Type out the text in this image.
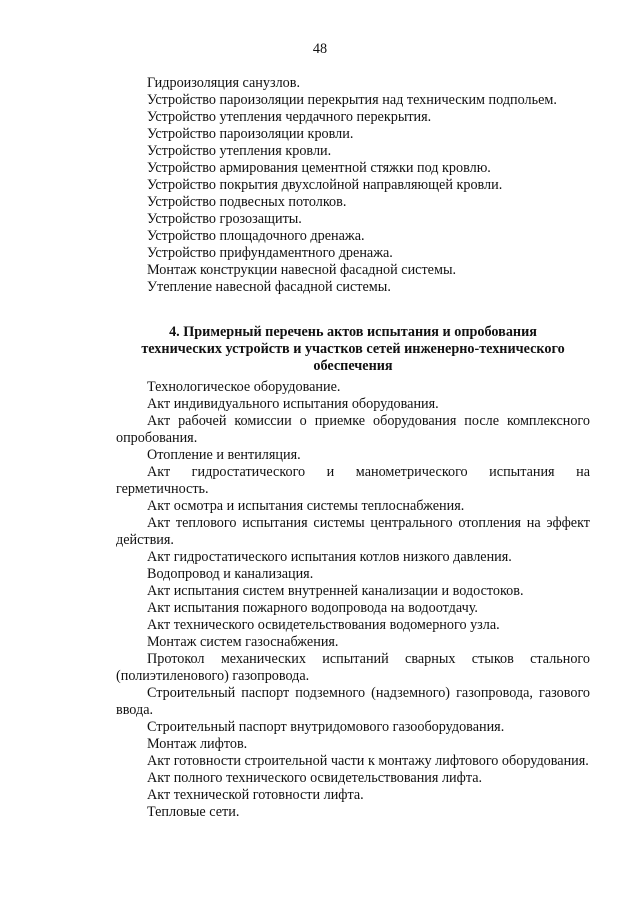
48

Гидроизоляция санузлов.

Устройство пароизоляции перекрытия над техническим подпольем.

Устройство утепления чердачного перекрытия.

Устройство пароизоляции кровли.

Устройство утепления кровли.

Устройство армирования цементной стяжки под кровлю.

Устройство покрытия двухслойной направляющей кровли.

Устройство подвесных потолков.

Устройство грозозащиты.

Устройство площадочного дренажа.

Устройство прифундаментного дренажа.

Монтаж конструкции навесной фасадной системы.

Утепление навесной фасадной системы.

4. Примерный перечень актов испытания и опробования
технических устройств и участков сетей инженерно-технического
обеспечения

Технологическое оборудование.

Акт индивидуального испытания оборудования.

Акт рабочей комиссии о приемке оборудования после комплексного опробования.

Отопление и вентиляция.

Акт гидростатического и манометрического испытания на герметичность.

Акт осмотра и испытания системы теплоснабжения.

Акт теплового испытания системы центрального отопления на эффект действия.

Акт гидростатического испытания котлов низкого давления.

Водопровод и канализация.

Акт испытания систем внутренней канализации и водостоков.

Акт испытания пожарного водопровода на водоотдачу.

Акт технического освидетельствования водомерного узла.

Монтаж систем газоснабжения.

Протокол механических испытаний сварных стыков стального (полиэтиленового) газопровода.

Строительный паспорт подземного (надземного) газопровода, газового ввода.

Строительный паспорт внутридомового газооборудования.

Монтаж лифтов.

Акт готовности строительной части к монтажу лифтового оборудования.

Акт полного технического освидетельствования лифта.

Акт технической готовности лифта.

Тепловые сети.
